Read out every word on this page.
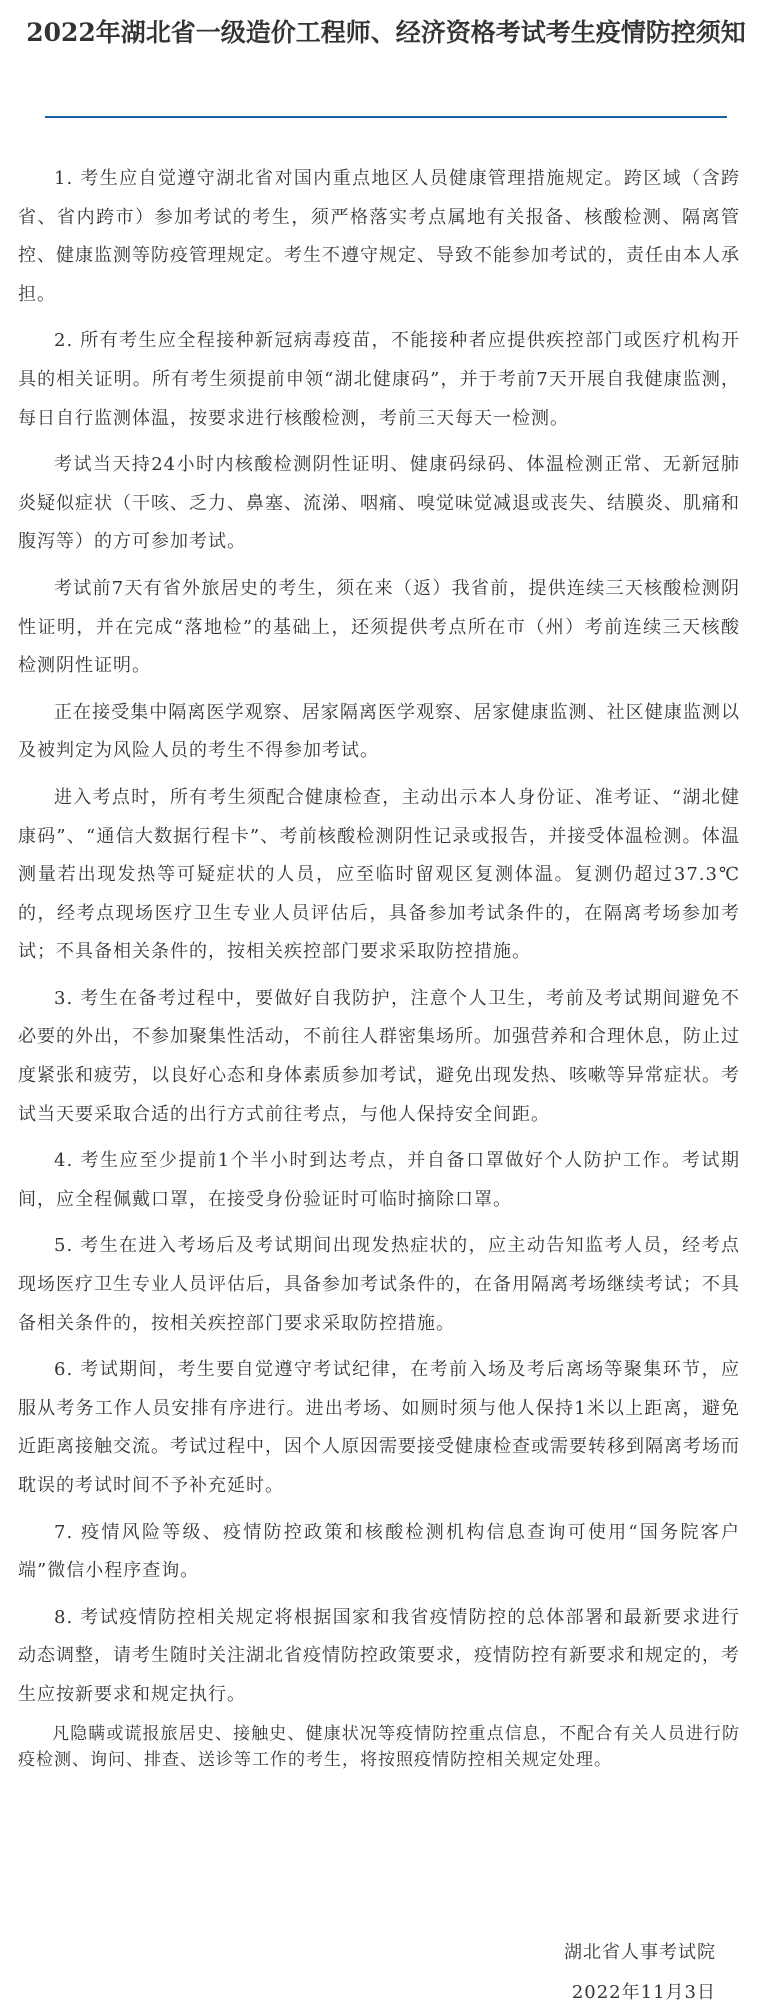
2022年湖北省一级造价工程师、经济资格考试考生疫情防控须知

1. 考生应自觉遵守湖北省对国内重点地区人员健康管理措施规定。跨区域（含跨省、省内跨市）参加考试的考生，须严格落实考点属地有关报备、核酸检测、隔离管控、健康监测等防疫管理规定。考生不遵守规定、导致不能参加考试的，责任由本人承担。

2. 所有考生应全程接种新冠病毒疫苗，不能接种者应提供疾控部门或医疗机构开具的相关证明。所有考生须提前申领“湖北健康码”，并于考前7天开展自我健康监测，每日自行监测体温，按要求进行核酸检测，考前三天每天一检测。

考试当天持24小时内核酸检测阴性证明、健康码绿码、体温检测正常、无新冠肺炎疑似症状（干咳、乏力、鼻塞、流涕、咽痛、嗅觉味觉减退或丧失、结膜炎、肌痛和腹泻等）的方可参加考试。

考试前7天有省外旅居史的考生，须在来（返）我省前，提供连续三天核酸检测阴性证明，并在完成“落地检”的基础上，还须提供考点所在市（州）考前连续三天核酸检测阴性证明。

正在接受集中隔离医学观察、居家隔离医学观察、居家健康监测、社区健康监测以及被判定为风险人员的考生不得参加考试。

进入考点时，所有考生须配合健康检查，主动出示本人身份证、准考证、“湖北健康码”、“通信大数据行程卡”、考前核酸检测阴性记录或报告，并接受体温检测。体温测量若出现发热等可疑症状的人员，应至临时留观区复测体温。复测仍超过37.3℃的，经考点现场医疗卫生专业人员评估后，具备参加考试条件的，在隔离考场参加考试；不具备相关条件的，按相关疾控部门要求采取防控措施。

3. 考生在备考过程中，要做好自我防护，注意个人卫生，考前及考试期间避免不必要的外出，不参加聚集性活动，不前往人群密集场所。加强营养和合理休息，防止过度紧张和疲劳，以良好心态和身体素质参加考试，避免出现发热、咳嗽等异常症状。考试当天要采取合适的出行方式前往考点，与他人保持安全间距。

4. 考生应至少提前1个半小时到达考点，并自备口罩做好个人防护工作。考试期间，应全程佩戴口罩，在接受身份验证时可临时摘除口罩。

5. 考生在进入考场后及考试期间出现发热症状的，应主动告知监考人员，经考点现场医疗卫生专业人员评估后，具备参加考试条件的，在备用隔离考场继续考试；不具备相关条件的，按相关疾控部门要求采取防控措施。

6. 考试期间，考生要自觉遵守考试纪律，在考前入场及考后离场等聚集环节，应服从考务工作人员安排有序进行。进出考场、如厕时须与他人保持1米以上距离，避免近距离接触交流。考试过程中，因个人原因需要接受健康检查或需要转移到隔离考场而耽误的考试时间不予补充延时。

7. 疫情风险等级、疫情防控政策和核酸检测机构信息查询可使用“国务院客户端”微信小程序查询。

8. 考试疫情防控相关规定将根据国家和我省疫情防控的总体部署和最新要求进行动态调整，请考生随时关注湖北省疫情防控政策要求，疫情防控有新要求和规定的，考生应按新要求和规定执行。

凡隐瞒或谎报旅居史、接触史、健康状况等疫情防控重点信息，不配合有关人员进行防疫检测、询问、排查、送诊等工作的考生，将按照疫情防控相关规定处理。

湖北省人事考试院
2022年11月3日
